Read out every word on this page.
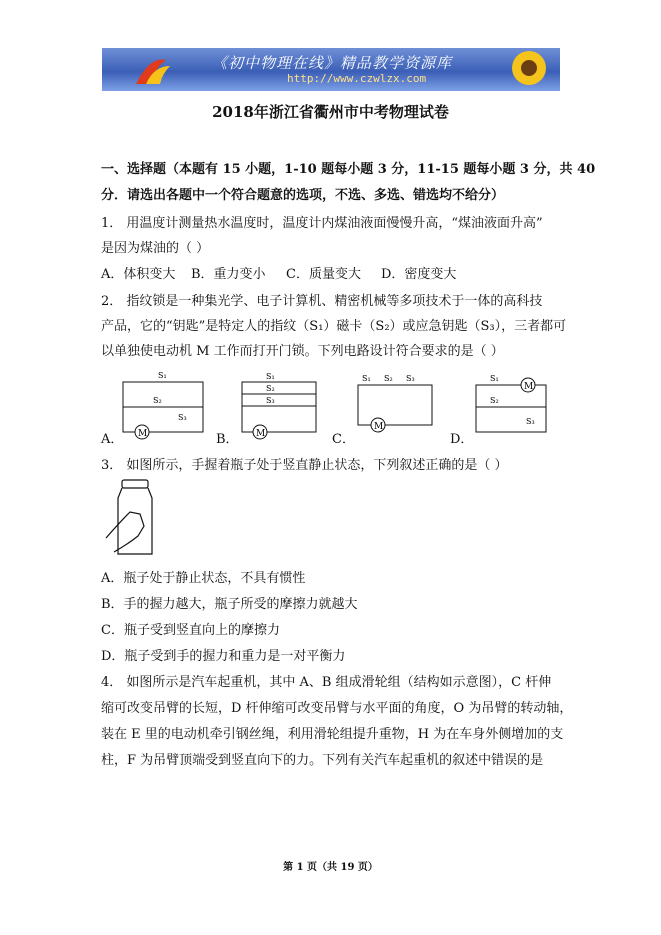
《初中物理在线》精品教学资源库
http://www.czwlzx.com
2018年浙江省衢州市中考物理试卷
一、选择题（本题有 15 小题，1-10 题每小题 3 分，11-15 题每小题 3 分，共 40
分．请选出各题中一个符合题意的选项，不选、多选、错选均不给分）
1． 用温度计测量热水温度时，温度计内煤油液面慢慢升高，“煤油液面升高”
是因为煤油的（ ）
A．体积变大 B．重力变小 C．质量变大 D．密度变大
2． 指纹锁是一种集光学、电子计算机、精密机械等多项技术于一体的高科技
产品，它的“钥匙”是特定人的指纹（S₁）磁卡（S₂）或应急钥匙（S₃），三者都可
以单独使电动机 M 工作而打开门锁。下列电路设计符合要求的是（ ）
A． M
S₁
S₂
S₃
B． M
S₁
S₂
S₃
C．
M
S₁ S₂ S₃
D．
M
S₁
S₂
S₃
3． 如图所示，手握着瓶子处于竖直静止状态，下列叙述正确的是（ ）
A．瓶子处于静止状态，不具有惯性
B．手的握力越大，瓶子所受的摩擦力就越大
C．瓶子受到竖直向上的摩擦力
D．瓶子受到手的握力和重力是一对平衡力
4． 如图所示是汽车起重机，其中 A、B 组成滑轮组（结构如示意图），C 杆伸
缩可改变吊臂的长短，D 杆伸缩可改变吊臂与水平面的角度，O 为吊臂的转动轴，
装在 E 里的电动机牵引钢丝绳，利用滑轮组提升重物，H 为在车身外侧增加的支
柱，F 为吊臂顶端受到竖直向下的力。下列有关汽车起重机的叙述中错误的是
第 1 页（共 19 页）
